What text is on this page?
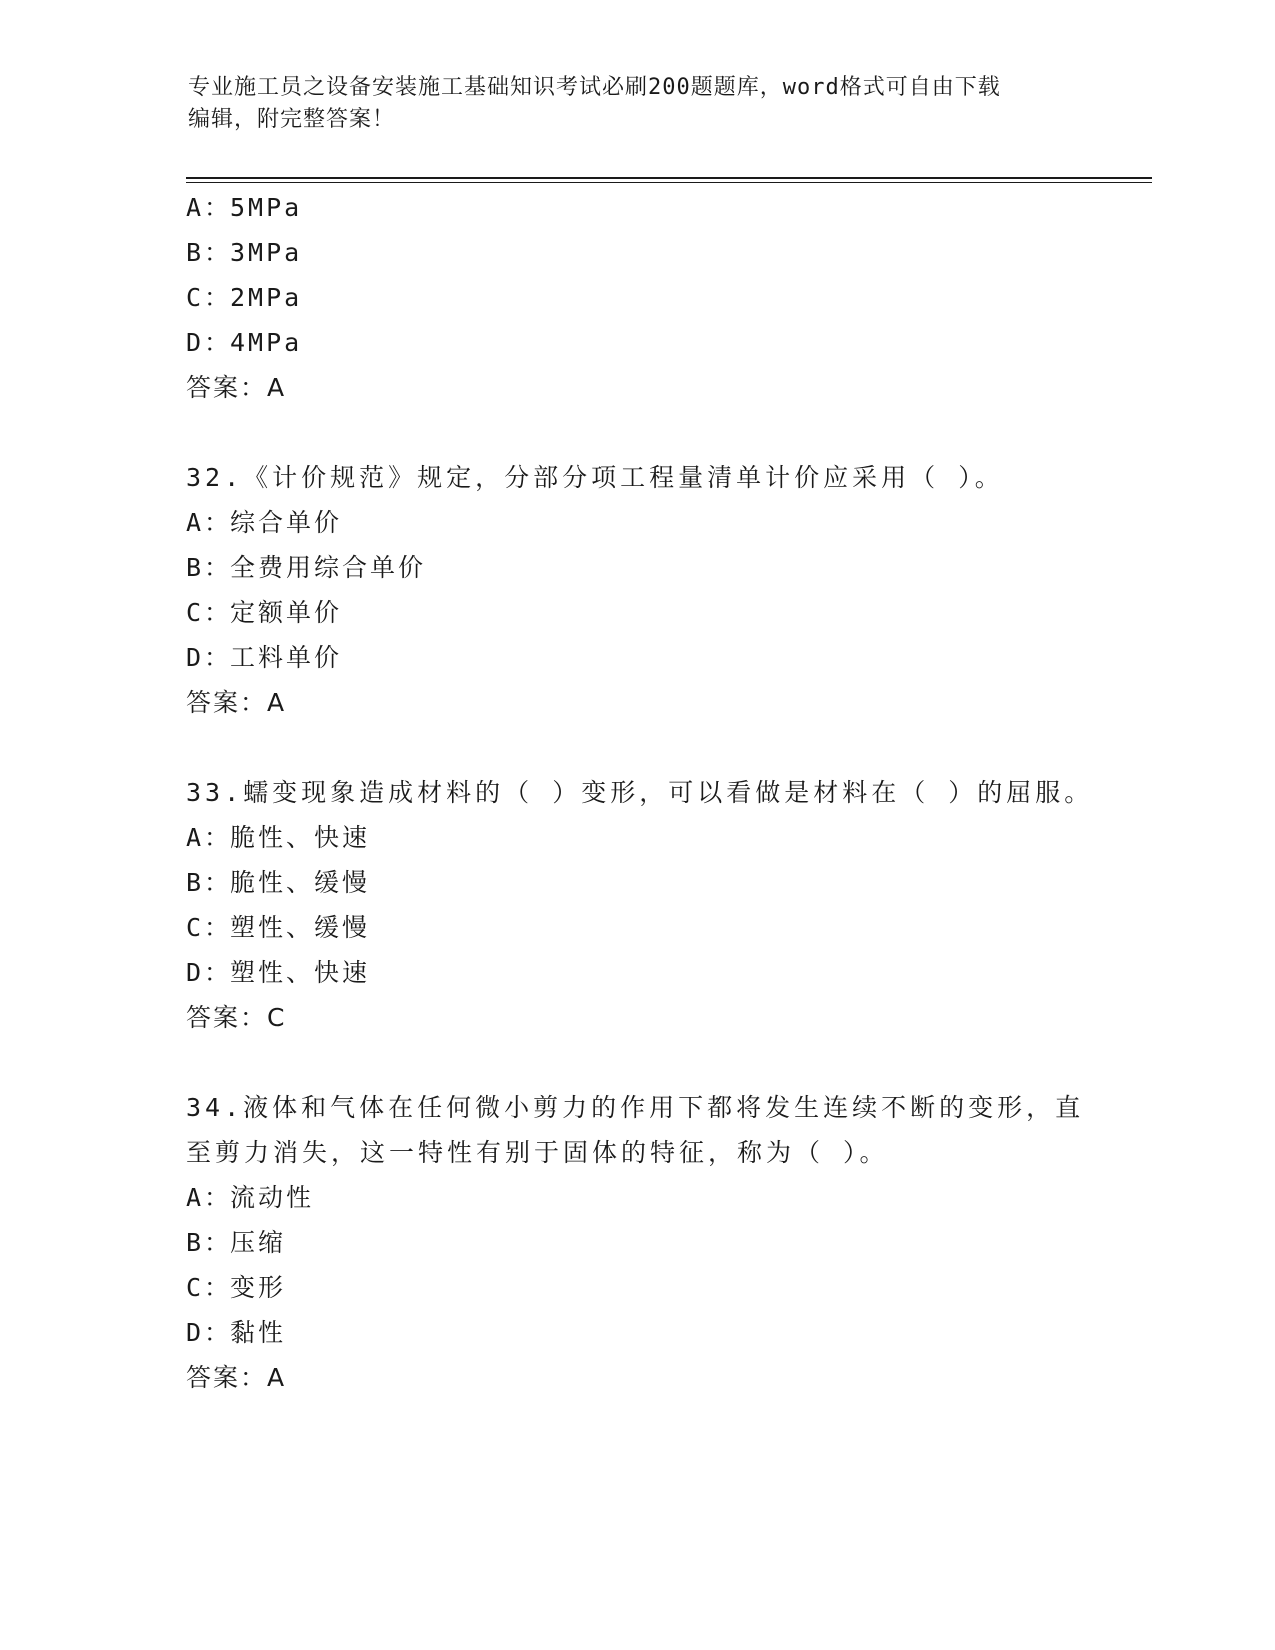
专业施工员之设备安装施工基础知识考试必刷200题题库，word格式可自由下载
编辑，附完整答案！
A：5MPa
B：3MPa
C：2MPa
D：4MPa
答案：A
32.《计价规范》规定，分部分项工程量清单计价应采用（ ）。
A：综合单价
B：全费用综合单价
C：定额单价
D：工料单价
答案：A
33.蠕变现象造成材料的（ ）变形，可以看做是材料在（ ）的屈服。
A：脆性、快速
B：脆性、缓慢
C：塑性、缓慢
D：塑性、快速
答案：C
34.液体和气体在任何微小剪力的作用下都将发生连续不断的变形，直
至剪力消失，这一特性有别于固体的特征，称为（ ）。
A：流动性
B：压缩
C：变形
D：黏性
答案：A
